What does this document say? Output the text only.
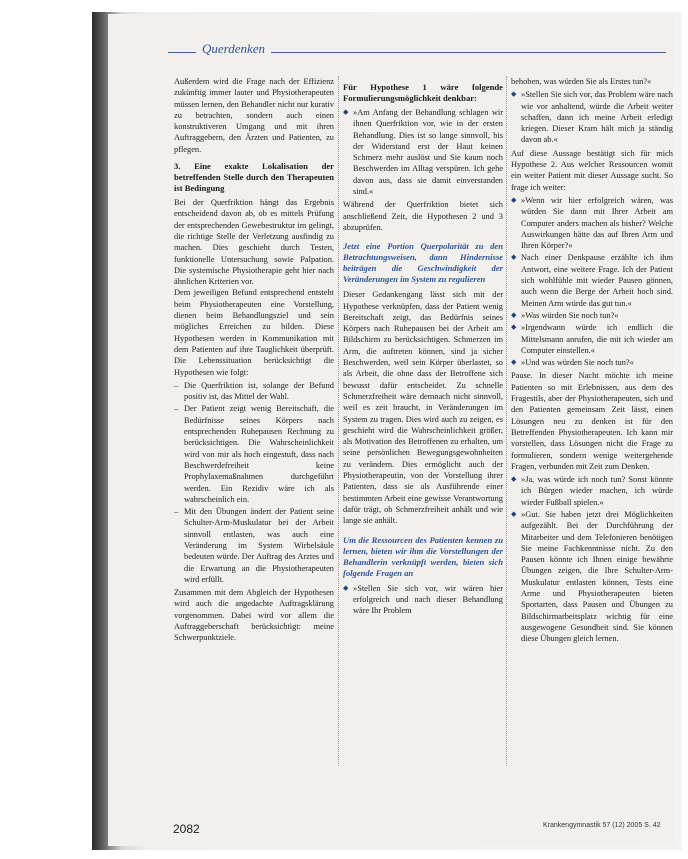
Querdenken

Außerdem wird die Frage nach der Effizienz zukünftig immer lauter und Physiotherapeuten müssen lernen, den Behandler nicht nur kurativ zu betrachten, sondern auch einen konstruktiveren Umgang und mit ihren Auftraggebern, den Ärzten und Patienten, zu pflegen.

3. Eine exakte Lokalisation der betreffenden Stelle durch den Therapeuten ist Bedingung

Bei der Querfriktion hängt das Ergebnis entscheidend davon ab, ob es mittels Prüfung der entsprechenden Gewebestruktur im gelingt, die richtige Stelle der Verletzung ausfindig zu machen. Dies geschieht durch Testen, funktionelle Untersuchung sowie Palpation. Die systemische Physiotherapie geht hier nach ähnlichen Kriterien vor.

Dem jeweiligen Befund entsprechend entsteht beim Physiotherapeuten eine Vorstellung, dienen beim Behandlungsziel und sein mögliches Erreichen zu bilden. Diese Hypothesen werden in Kommunikation mit dem Patienten auf ihre Tauglichkeit überprüft. Die Lebenssituation berücksichtigt die Hypothesen wie folgt:

– Die Querfriktion ist, solange der Befund positiv ist, das Mittel der Wahl.
– Der Patient zeigt wenig Bereitschaft, die Bedürfnisse seines Körpers nach entsprechenden Ruhepausen Rechnung zu berücksichtigen. Die Wahrscheinlichkeit wird von mir als hoch eingestuft, dass nach Beschwerdefreiheit keine Prophylaxemaßnahmen durchgeführt werden. Ein Rezidiv wäre ich als wahrscheinlich ein.
– Mit den Übungen ändert der Patient seine Schulter-Arm-Muskulatur bei der Arbeit sinnvoll entlasten, was auch eine Veränderung im System Wirbelsäule bedeuten würde. Der Auftrag des Arztes und die Erwartung an die Physiotherapeuten wird erfüllt.

Zusammen mit dem Abgleich der Hypothesen wird auch die angedachte Auftragsklärung vorgenommen. Dabei wird vor allem die Auftraggeberschaft berücksichtigt: meine Schwerpunktziele.

Für Hypothese 1 wäre folgende Formulierungsmöglichkeit denkbar:
◆ »Am Anfang der Behandlung schlagen wir ihnen Querfriktion vor, wie in der ersten Behandlung. Dies ist so lange sinnvoll, bis der Widerstand erst der Haut keinen Schmerz mehr auslöst und Sie kaum noch Beschwerden im Alltag verspüren. Ich gehe davon aus, dass sie damit einverstanden sind.«

Während der Querfriktion bietet sich anschließend Zeit, die Hypothesen 2 und 3 abzuprüfen.

Jetzt eine Portion Querpolarität zu den Betrachtungsweisen, dann Hindernisse beiträgen die Geschwindigkeit der Veränderungen im System zu regulieren

Dieser Gedankengang lässt sich mit der Hypothese verknüpfen, dass der Patient wenig Bereitschaft zeigt, das Bedürfnis seines Körpers nach Ruhepausen bei der Arbeit am Bildschirm zu berücksichtigen. Schmerzen im Arm, die auftreten können, sind ja sicher Beschwerden, weil sein Körper überlastet, so als Arbeit, die ohne dass der Betroffene sich bewusst dafür entscheidet. Zu schnelle Schmerzfreiheit wäre demnach nicht sinnvoll, weil es zeit braucht, in Veränderungen im System zu tragen. Dies wird auch zu zeigen, es geschieht wird die Wahrscheinlichkeit größer, als Motivation des Betroffenen zu erhalten, um seine persönlichen Bewegungsgewohnheiten zu verändern. Dies ermöglicht auch der Physiotherapeutin, von der Vorstellung ihrer Patienten, dass sie als Ausführende einer bestimmten Arbeit eine gewisse Verantwortung dafür trägt, ob Schmerzfreiheit anhält und wie lange sie anhält.

Um die Ressourcen des Patienten kennen zu lernen, bieten wir ihm die Vorstellungen der Behandlerin verknüpft werden, bieten sich folgende Fragen an
◆ »Stellen Sie sich vor, wir wären hier erfolgreich und nach dieser Behandlung wäre Ihr Problem

behoben, was würden Sie als Erstes tun?«

◆ »Stellen Sie sich vor, das Problem wäre nach wie vor anhaltend, würde die Arbeit weiter schaffen, dann ich meine Arbeit erledigt kriegen. Dieser Kram hält mich ja ständig davon ab.«

Auf diese Aussage bestätigt sich für mich Hypothese 2. Aus welcher Ressourcen womit ein weiter Patient mit dieser Aussage sucht. So frage ich weiter:

◆ »Wenn wir hier erfolgreich wären, was würden Sie dann mit Ihrer Arbeit am Computer anders machen als bisher? Welche Auswirkungen hätte das auf Ihren Arm und Ihren Körper?«
◆ Nach einer Denkpause erzählte ich ihm Antwort, eine weitere Frage. Ich der Patient sich wohlfühle mit wieder Pausen gönnen, auch wenn die Berge der Arbeit hoch sind. Meinen Arm würde das gut tun.«
◆ »Was würden Sie noch tun?«
◆ »Irgendwann würde ich endlich die Mittelsmann anrufen, die mit ich wieder am Computer einstellen.«
◆ »Und was würden Sie noch tun?«

Pause. In dieser Nacht möchte ich meine Patienten so mit Erlebnissen, aus dem des Fragestils, aber der Physiotherapeuten, sich und den Patienten gemeinsam Zeit lässt, einen Lösungen neu zu denken ist für den Betreffenden Physiotherapeuten. Ich kann mir vorstellen, dass Lösungen nicht die Frage zu formulieren, sondern wenige weitergehende Fragen, verbunden mit Zeit zum Denken.

◆ »Ja, was würde ich noch tun? Sonst könnte ich Bürgen wieder machen, ich würde wieder Fußball spielen.«
◆ »Gut. Sie haben jetzt drei Möglichkeiten aufgezählt. Bei der Durchführung der Mitarbeiter und dem Telefonieren benötigen Sie meine Fachkenntnisse nicht. Zu den Pausen könnte ich Ihnen einige bewährte Übungen zeigen, die Ihre Schulter-Arm-Muskulatur entlasten können, Tests eine Arme und Physiotherapeuten bieten Sportarten, dass Pausen und Übungen zu Bildschirmarbeitsplatz wichtig für eine ausgewogene Gesundheit sind. Sie können diese Übungen gleich lernen.
2082	Krankengymnastik 57 (12) 2005 S. 42
